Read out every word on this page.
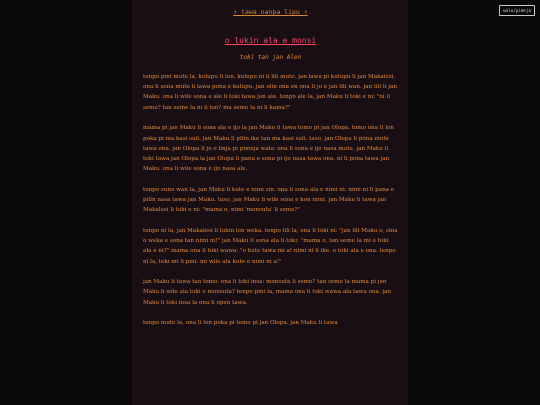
⇑ tawa nanpa lipu ⇑
o lukin ala e monsi
toki tan jan Alen

tenpo pini mute la, kulupu li lon. kulupu ni li lili mute. jan lawa pi kulupu li jan Makalesi. ona li sona mute li lawa pona e kulupu. jan olin ona en ona li jo e jan lili wan. jan lili li jan Maku. ona li wile sona e ale li toki tawa jan ale. tenpo ale la, jan Maku li toki e ni: "ni li seme? tan seme la ni li lon? ma seme la ni li kama?"

mama pi jan Maku li sona ala e ijo la jan Maku li tawa tomo pi jan Olopa. tomo ona li lon poka pi ma kasi suli. jan Maku li pilin ike tan ma kasi suli. taso, jan Olopa li pona mute tawa ona. jan Olopa li jo e linja pi pimeja walo. ona li sona e ijo nasa mute. jan Maku li toki tawa jan Olopa la jan Olopa li pana e sona pi ijo nasa tawa ona. ni li pona tawa jan Maku. ona li wile sona e ijo nasa ale.

tenpo suno wan la, jan Maku li kute e nimi sin. ona li sona ala e nimi ni. nimi ni li pana e pilin nasa tawa jan Maku. taso, jan Maku li wile sona e kon nimi. jan Maku li tawa jan Makalesi li toki e ni: "mama o, nimi 'monsuta' li seme?"

tenpo ni la, jan Makalesi li lukin lon weka. tenpo lili la, ona li toki ni: "jan lili Maku o, sina o weka e sona tan nimi ni!" jan Maku li sona ala li toki: "mama o, tan seme la mi o toki ala e ni?" mama ona li toki wawa: "o kute tawa mi a! nimi ni li ike. o toki ala e ona. tenpo ni la, toki mi li pini. mi wile ala kute e nimi ni a!"

jan Maku li tawa tan tomo. ona li toki insa: monsuta li seme? tan seme la mama pi jan Maku li wile ala toki e monsuta? tenpo pini la, mama ona li toki wawa ala tawa ona. jan Maku li toki insa la ona li open tawa.

tenpo mute la, ona li lon poka pi tomo pi jan Olopa. jan Maku li tawa

walo/pimeja
